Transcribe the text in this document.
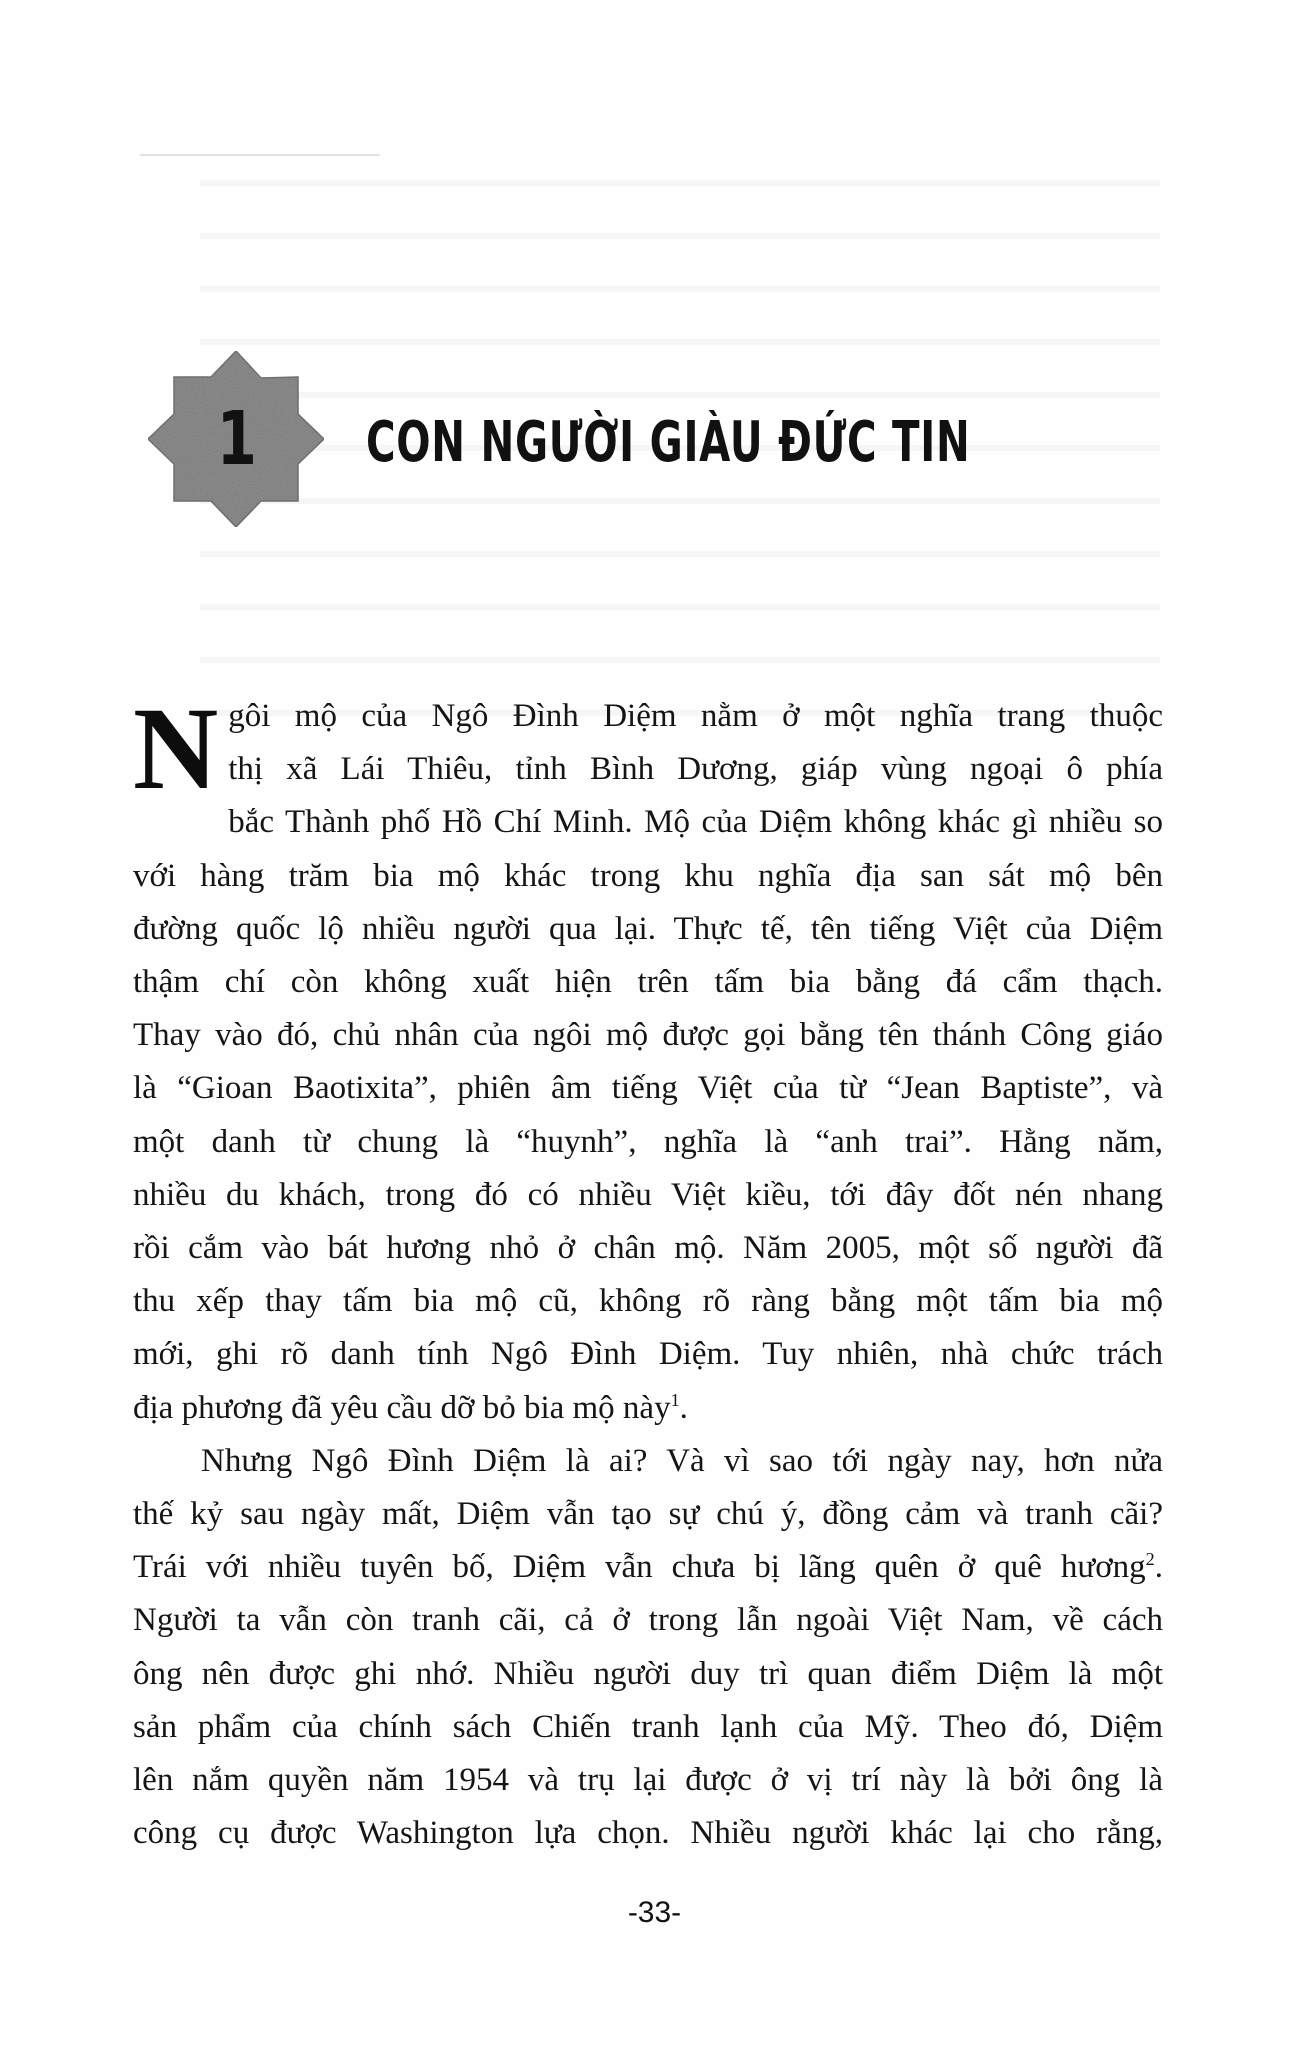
1	CON NGƯỜI GIÀU ĐỨC TIN

N gôi mộ của Ngô Đình Diệm nằm ở một nghĩa trang thuộc
thị xã Lái Thiêu, tỉnh Bình Dương, giáp vùng ngoại ô phía
bắc Thành phố Hồ Chí Minh. Mộ của Diệm không khác gì nhiều so
với hàng trăm bia mộ khác trong khu nghĩa địa san sát mộ bên
đường quốc lộ nhiều người qua lại. Thực tế, tên tiếng Việt của Diệm
thậm chí còn không xuất hiện trên tấm bia bằng đá cẩm thạch.
Thay vào đó, chủ nhân của ngôi mộ được gọi bằng tên thánh Công giáo
là “Gioan Baotixita”, phiên âm tiếng Việt của từ “Jean Baptiste”, và
một danh từ chung là “huynh”, nghĩa là “anh trai”. Hằng năm,
nhiều du khách, trong đó có nhiều Việt kiều, tới đây đốt nén nhang
rồi cắm vào bát hương nhỏ ở chân mộ. Năm 2005, một số người đã
thu xếp thay tấm bia mộ cũ, không rõ ràng bằng một tấm bia mộ
mới, ghi rõ danh tính Ngô Đình Diệm. Tuy nhiên, nhà chức trách
địa phương đã yêu cầu dỡ bỏ bia mộ này$^1$.

Nhưng Ngô Đình Diệm là ai? Và vì sao tới ngày nay, hơn nửa
thế kỷ sau ngày mất, Diệm vẫn tạo sự chú ý, đồng cảm và tranh cãi?
Trái với nhiều tuyên bố, Diệm vẫn chưa bị lãng quên ở quê hương$^2$.
Người ta vẫn còn tranh cãi, cả ở trong lẫn ngoài Việt Nam, về cách
ông nên được ghi nhớ. Nhiều người duy trì quan điểm Diệm là một
sản phẩm của chính sách Chiến tranh lạnh của Mỹ. Theo đó, Diệm
lên nắm quyền năm 1954 và trụ lại được ở vị trí này là bởi ông là
công cụ được Washington lựa chọn. Nhiều người khác lại cho rằng,

-33-
